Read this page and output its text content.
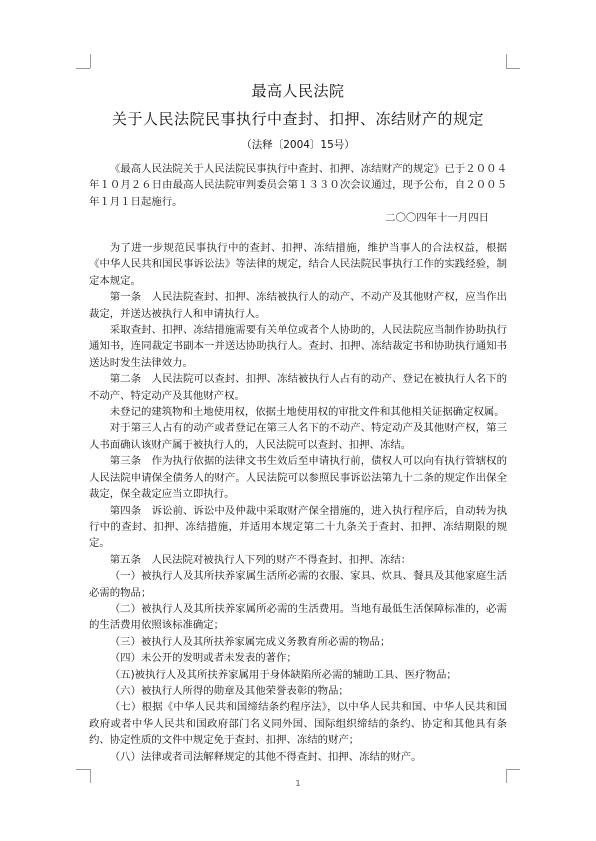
最高人民法院
关于人民法院民事执行中查封、扣押、冻结财产的规定
（法释〔2004〕15号）

《最高人民法院关于人民法院民事执行中查封、扣押、冻结财产的规定》已于２００４年１０月２６日由最高人民法院审判委员会第１３３０次会议通过，现予公布，自２００５年１月１日起施行。

二〇〇四年十一月四日

为了进一步规范民事执行中的查封、扣押、冻结措施，维护当事人的合法权益，根据《中华人民共和国民事诉讼法》等法律的规定，结合人民法院民事执行工作的实践经验，制定本规定。

第一条　人民法院查封、扣押、冻结被执行人的动产、不动产及其他财产权，应当作出裁定，并送达被执行人和申请执行人。

采取查封、扣押、冻结措施需要有关单位或者个人协助的，人民法院应当制作协助执行通知书，连同裁定书副本一并送达协助执行人。查封、扣押、冻结裁定书和协助执行通知书送达时发生法律效力。

第二条　人民法院可以查封、扣押、冻结被执行人占有的动产、登记在被执行人名下的不动产、特定动产及其他财产权。

未登记的建筑物和土地使用权，依据土地使用权的审批文件和其他相关证据确定权属。

对于第三人占有的动产或者登记在第三人名下的不动产、特定动产及其他财产权，第三人书面确认该财产属于被执行人的，人民法院可以查封、扣押、冻结。

第三条　作为执行依据的法律文书生效后至申请执行前，债权人可以向有执行管辖权的人民法院申请保全债务人的财产。人民法院可以参照民事诉讼法第九十二条的规定作出保全裁定，保全裁定应当立即执行。

第四条　诉讼前、诉讼中及仲裁中采取财产保全措施的，进入执行程序后，自动转为执行中的查封、扣押、冻结措施，并适用本规定第二十九条关于查封、扣押、冻结期限的规定。

第五条　人民法院对被执行人下列的财产不得查封、扣押、冻结：

（一）被执行人及其所扶养家属生活所必需的衣服、家具、炊具、餐具及其他家庭生活必需的物品；

（二）被执行人及其所扶养家属所必需的生活费用。当地有最低生活保障标准的，必需的生活费用依照该标准确定；

（三）被执行人及其所扶养家属完成义务教育所必需的物品；

（四）未公开的发明或者未发表的著作；

（五)被执行人及其所扶养家属用于身体缺陷所必需的辅助工具、医疗物品；

（六）被执行人所得的勋章及其他荣誉表彰的物品；

（七）根据《中华人民共和国缔结条约程序法》，以中华人民共和国、中华人民共和国政府或者中华人民共和国政府部门名义同外国、国际组织缔结的条约、协定和其他具有条约、协定性质的文件中规定免于查封、扣押、冻结的财产；

（八）法律或者司法解释规定的其他不得查封、扣押、冻结的财产。

1
